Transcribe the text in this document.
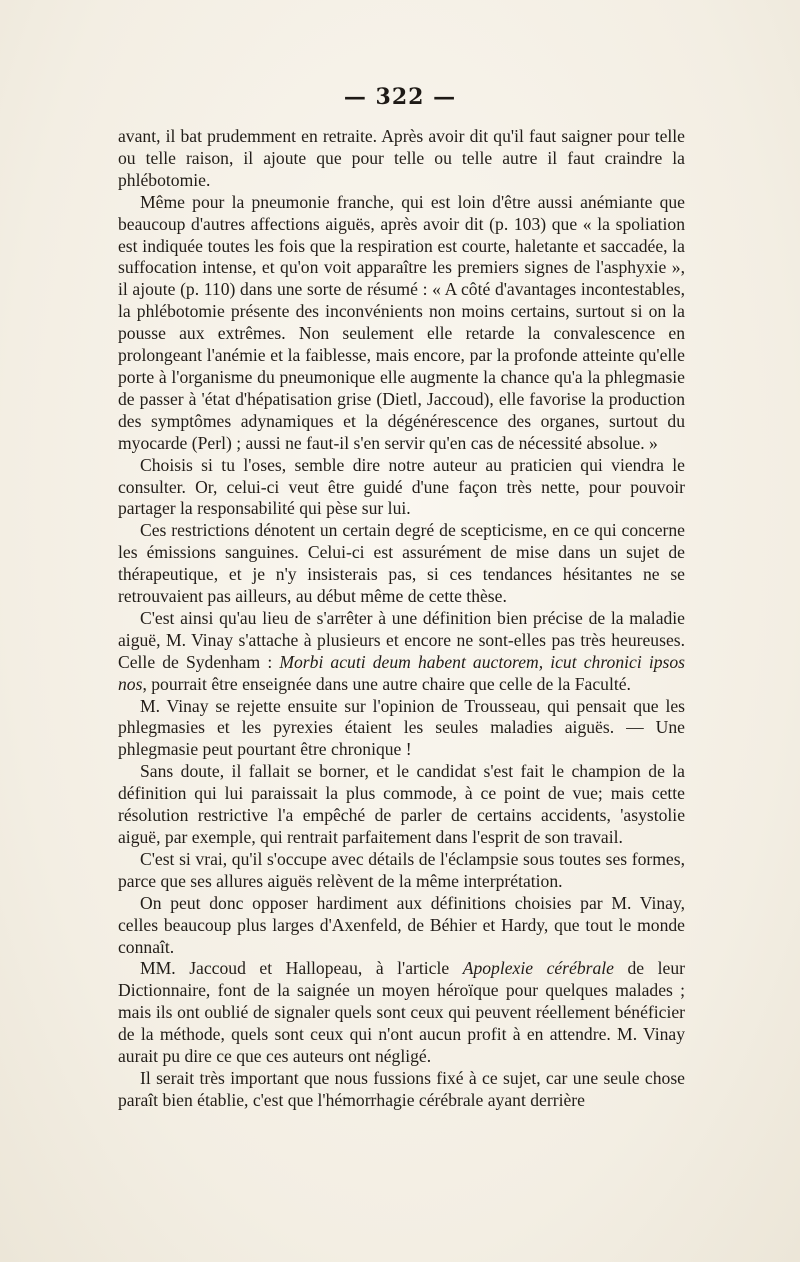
— 322 —

avant, il bat prudemment en retraite. Après avoir dit qu'il faut saigner pour telle ou telle raison, il ajoute que pour telle ou telle autre il faut craindre la phlébotomie.

Même pour la pneumonie franche, qui est loin d'être aussi anémiante que beaucoup d'autres affections aiguës, après avoir dit (p. 103) que « la spoliation est indiquée toutes les fois que la respiration est courte, haletante et saccadée, la suffocation intense, et qu'on voit apparaître les premiers signes de l'asphyxie », il ajoute (p. 110) dans une sorte de résumé : « A côté d'avantages incontestables, la phlébotomie présente des inconvénients non moins certains, surtout si on la pousse aux extrêmes. Non seulement elle retarde la convalescence en prolongeant l'anémie et la faiblesse, mais encore, par la profonde atteinte qu'elle porte à l'organisme du pneumonique elle augmente la chance qu'a la phlegmasie de passer à 'état d'hépatisation grise (Dietl, Jaccoud), elle favorise la production des symptômes adynamiques et la dégénérescence des organes, surtout du myocarde (Perl) ; aussi ne faut-il s'en servir qu'en cas de nécessité absolue. »

Choisis si tu l'oses, semble dire notre auteur au praticien qui viendra le consulter. Or, celui-ci veut être guidé d'une façon très nette, pour pouvoir partager la responsabilité qui pèse sur lui.

Ces restrictions dénotent un certain degré de scepticisme, en ce qui concerne les émissions sanguines. Celui-ci est assurément de mise dans un sujet de thérapeutique, et je n'y insisterais pas, si ces tendances hésitantes ne se retrouvaient pas ailleurs, au début même de cette thèse.

C'est ainsi qu'au lieu de s'arrêter à une définition bien précise de la maladie aiguë, M. Vinay s'attache à plusieurs et encore ne sont-elles pas très heureuses. Celle de Sydenham : Morbi acuti deum habent auctorem, icut chronici ipsos nos, pourrait être enseignée dans une autre chaire que celle de la Faculté.

M. Vinay se rejette ensuite sur l'opinion de Trousseau, qui pensait que les phlegmasies et les pyrexies étaient les seules maladies aiguës. — Une phlegmasie peut pourtant être chronique !

Sans doute, il fallait se borner, et le candidat s'est fait le champion de la définition qui lui paraissait la plus commode, à ce point de vue; mais cette résolution restrictive l'a empêché de parler de certains accidents, 'asystolie aiguë, par exemple, qui rentrait parfaitement dans l'esprit de son travail.

C'est si vrai, qu'il s'occupe avec détails de l'éclampsie sous toutes ses formes, parce que ses allures aiguës relèvent de la même interprétation.

On peut donc opposer hardiment aux définitions choisies par M. Vinay, celles beaucoup plus larges d'Axenfeld, de Béhier et Hardy, que tout le monde connaît.

MM. Jaccoud et Hallopeau, à l'article Apoplexie cérébrale de leur Dictionnaire, font de la saignée un moyen héroïque pour quelques malades ; mais ils ont oublié de signaler quels sont ceux qui peuvent réellement bénéficier de la méthode, quels sont ceux qui n'ont aucun profit à en attendre. M. Vinay aurait pu dire ce que ces auteurs ont négligé.

Il serait très important que nous fussions fixé à ce sujet, car une seule chose paraît bien établie, c'est que l'hémorrhagie cérébrale ayant derrière
